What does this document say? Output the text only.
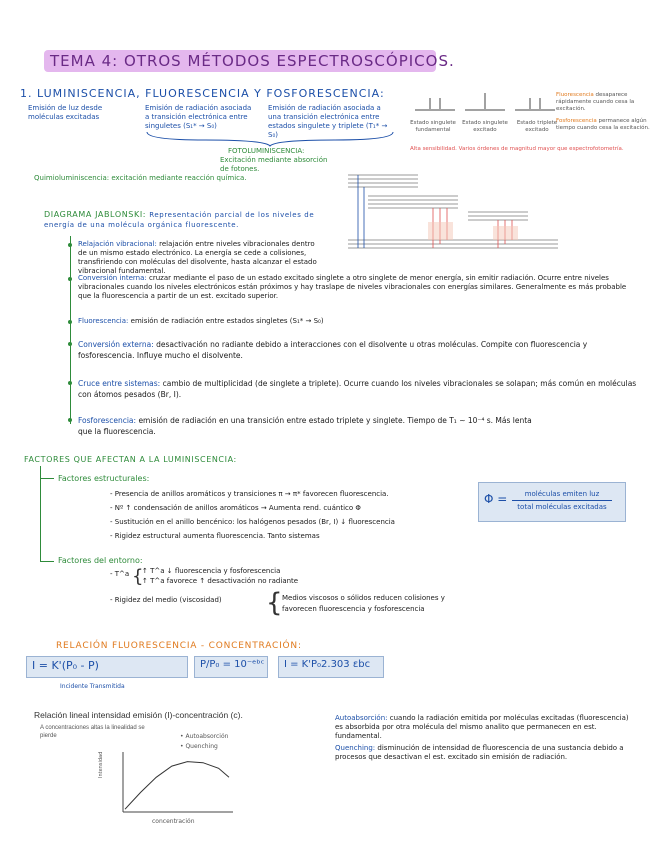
TEMA 4: OTROS MÉTODOS ESPECTROSCÓPICOS.
1. LUMINISCENCIA, FLUORESCENCIA Y FOSFORESCENCIA:
Emisión de luz desde moléculas excitadas
Emisión de radiación asociada a transición electrónica entre singuletes (S₁* → S₀)
Emisión de radiación asociada a una transición electrónica entre estados singulete y triplete (T₁* → S₀)
FOTOLUMINISCENCIA:
Excitación mediante absorción de fotones.
Quimioluminiscencia: excitación mediante reacción química.
Estado singulete fundamental
Estado singulete excitado
Estado triplete excitado
Fluorescencia desaparece rápidamente cuando cesa la excitación.
Fosforescencia permanece algún tiempo cuando cesa la excitación.
Alta sensibilidad. Varios órdenes de magnitud mayor que espectrofotometría.
DIAGRAMA JABLONSKI: Representación parcial de los niveles de energía de una molécula orgánica fluorescente.
Relajación vibracional: relajación entre niveles vibracionales dentro de un mismo estado electrónico. La energía se cede a colisiones, transfiriendo con moléculas del disolvente, hasta alcanzar el estado vibracional fundamental.
Conversión interna: cruzar mediante el paso de un estado excitado singlete a otro singlete de menor energía, sin emitir radiación. Ocurre entre niveles vibracionales cuando los niveles electrónicos están próximos y hay traslape de niveles vibracionales con energías similares. Generalmente es más probable que la fluorescencia a partir de un est. excitado superior.
Fluorescencia: emisión de radiación entre estados singletes (S₁* → S₀)
Conversión externa: desactivación no radiante debido a interacciones con el disolvente u otras moléculas. Compite con fluorescencia y fosforescencia. Influye mucho el disolvente.
Cruce entre sistemas: cambio de multiplicidad (de singlete a triplete). Ocurre cuando los niveles vibracionales se solapan; más común en moléculas con átomos pesados (Br, I).
Fosforescencia: emisión de radiación en una transición entre estado triplete y singlete. Tiempo de T₁ ~ 10⁻⁴ s. Más lenta que la fluorescencia.
FACTORES QUE AFECTAN A LA LUMINISCENCIA:
Factores estructurales:
- Presencia de anillos aromáticos y transiciones π → π* favorecen fluorescencia.
- Nº ↑ condensación de anillos aromáticos → Aumenta rend. cuántico Φ
- Sustitución en el anillo bencénico: los halógenos pesados (Br, I) ↓ fluorescencia
- Rigidez estructural aumenta fluorescencia. Tanto sistemas
Φ =	moléculas emiten luz
total moléculas excitadas
Factores del entorno:
- T^a {
↑ T^a ↓ fluorescencia y fosforescencia
↑ T^a favorece ↑ desactivación no radiante
- Rigidez del medio (viscosidad) { Medios viscosos o sólidos reducen colisiones y
favorecen fluorescencia y fosforescencia
RELACIÓN FLUORESCENCIA - CONCENTRACIÓN:
I = K'(P₀ - P)
Incidente Transmitida
P/P₀ = 10⁻ᵉᵇᶜ I = K'P₀2.303 εbc
Relación lineal intensidad emisión (I)-concentración (c).
A concentraciones altas la linealidad se pierde	• Autoabsorción
• Quenching
Intensidad
concentración
Autoabsorción: cuando la radiación emitida por moléculas excitadas (fluorescencia) es absorbida por otra molécula del mismo analito que permanecen en est. fundamental.
Quenching: disminución de intensidad de fluorescencia de una sustancia debido a procesos que desactivan el est. excitado sin emisión de radiación.
